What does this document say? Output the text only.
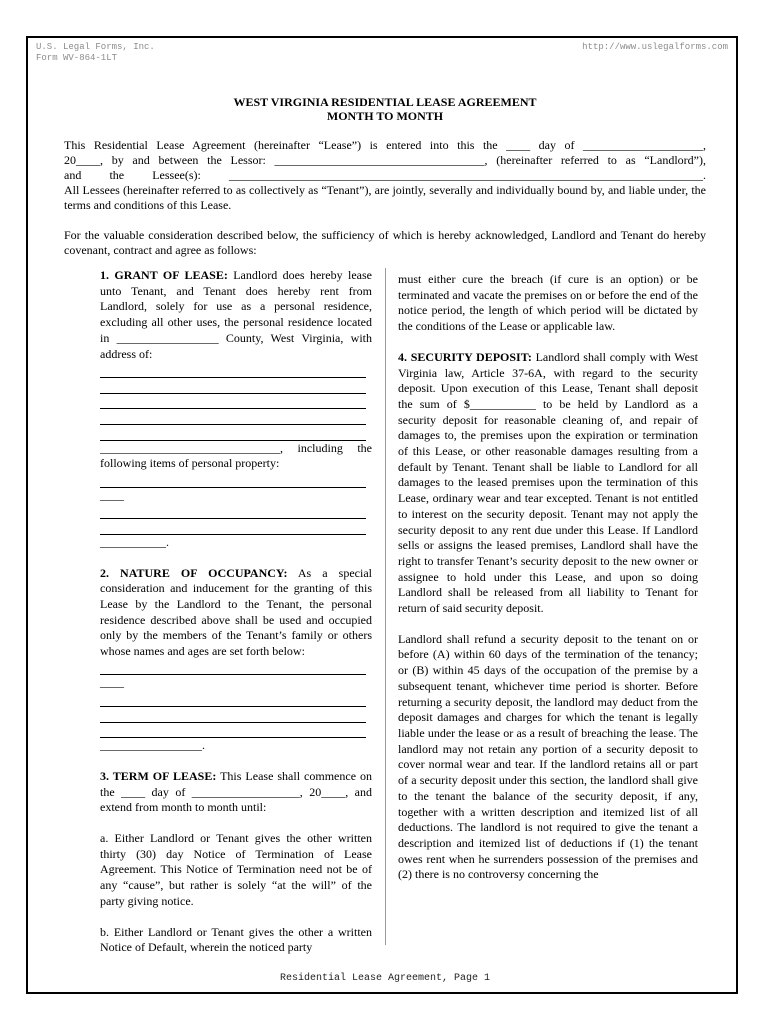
U.S. Legal Forms, Inc.
Form WV-864-1LT
http://www.uslegalforms.com
WEST VIRGINIA RESIDENTIAL LEASE AGREEMENT
MONTH TO MONTH

This Residential Lease Agreement (hereinafter “Lease”) is entered into this the ____ day of ____________________,

20____, by and between the Lessor: ___________________________________, (hereinafter referred to as “Landlord”),

and the Lessee(s): _______________________________________________________________________________.

All Lessees (hereinafter referred to as collectively as “Tenant”), are jointly, severally and individually bound by, and liable under, the terms and conditions of this Lease.

For the valuable consideration described below, the sufficiency of which is hereby acknowledged, Landlord and Tenant do hereby covenant, contract and agree as follows:

1. GRANT OF LEASE: Landlord does hereby lease unto Tenant, and Tenant does hereby rent from Landlord, solely for use as a personal residence, excluding all other uses, the personal residence located in _________________ County, West Virginia, with address of:

______________________________, including the following items of personal property:

____

___________.

2. NATURE OF OCCUPANCY: As a special consideration and inducement for the granting of this Lease by the Landlord to the Tenant, the personal residence described above shall be used and occupied only by the members of the Tenant’s family or others whose names and ages are set forth below:

____

_________________.

3. TERM OF LEASE: This Lease shall commence on the ____ day of __________________, 20____, and extend from month to month until:

a. Either Landlord or Tenant gives the other written thirty (30) day Notice of Termination of Lease Agreement. This Notice of Termination need not be of any “cause”, but rather is solely “at the will” of the party giving notice.

b. Either Landlord or Tenant gives the other a written Notice of Default, wherein the noticed party

must either cure the breach (if cure is an option) or be terminated and vacate the premises on or before the end of the notice period, the length of which period will be dictated by the conditions of the Lease or applicable law.

4. SECURITY DEPOSIT: Landlord shall comply with West Virginia law, Article 37-6A, with regard to the security deposit. Upon execution of this Lease, Tenant shall deposit the sum of $___________ to be held by Landlord as a security deposit for reasonable cleaning of, and repair of damages to, the premises upon the expiration or termination of this Lease, or other reasonable damages resulting from a default by Tenant. Tenant shall be liable to Landlord for all damages to the leased premises upon the termination of this Lease, ordinary wear and tear excepted. Tenant is not entitled to interest on the security deposit. Tenant may not apply the security deposit to any rent due under this Lease. If Landlord sells or assigns the leased premises, Landlord shall have the right to transfer Tenant’s security deposit to the new owner or assignee to hold under this Lease, and upon so doing Landlord shall be released from all liability to Tenant for return of said security deposit.

Landlord shall refund a security deposit to the tenant on or before (A) within 60 days of the termination of the tenancy; or (B) within 45 days of the occupation of the premise by a subsequent tenant, whichever time period is shorter. Before returning a security deposit, the landlord may deduct from the deposit damages and charges for which the tenant is legally liable under the lease or as a result of breaching the lease. The landlord may not retain any portion of a security deposit to cover normal wear and tear. If the landlord retains all or part of a security deposit under this section, the landlord shall give to the tenant the balance of the security deposit, if any, together with a written description and itemized list of all deductions. The landlord is not required to give the tenant a description and itemized list of deductions if (1) the tenant owes rent when he surrenders possession of the premises and (2) there is no controversy concerning the

Residential Lease Agreement, Page 1
